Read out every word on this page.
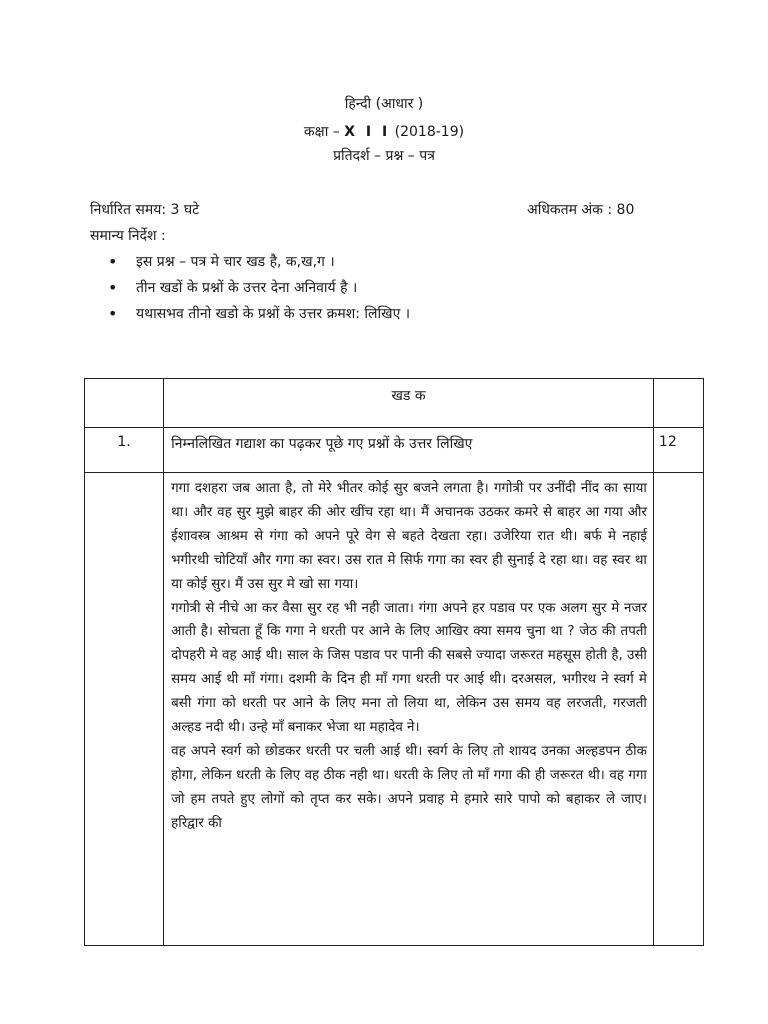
हिन्दी (आधार )
कक्षा – X I I (2018-19)
प्रतिदर्श – प्रश्न – पत्र
निर्धारित समय: 3 घटे	अधिकतम अंक : 80
समान्य निर्देश :
• इस प्रश्न – पत्र मे चार खड है, क,ख,ग ।
• तीन खडों के प्रश्नों के उत्तर देना अनिवार्य है ।
• यथासभव तीनो खडो के प्रश्नों के उत्तर क्रमश: लिखिए ।
	खड क	
1.	निम्नलिखित गद्याश का पढ़कर पूछे गए प्रश्नों के उत्तर लिखिए	12

	गगा दशहरा जब आता है, तो मेरे भीतर कोई सुर बजने लगता है। गगोत्री पर उनींदी नींद का साया था। और वह सुर मुझे बाहर की ओर खींच रहा था। मैं अचानक उठकर कमरे से बाहर आ गया और ईशावस्त्र आश्रम से गंगा को अपने पूरे वेग से बहते देखता रहा। उजेरिया रात थी। बर्फ मे नहाई भगीरथी चोटियाँ और गगा का स्वर। उस रात मे सिर्फ गगा का स्वर ही सुनाई दे रहा था। वह स्वर था या कोई सुर। मैं उस सुर मे खो सा गया।

गगोत्री से नीचे आ कर वैसा सुर रह भी नही जाता। गंगा अपने हर पडाव पर एक अलग सुर मे नजर आती है। सोचता हूँ कि गगा ने धरती पर आने के लिए आखिर क्या समय चुना था ? जेठ की तपती दोपहरी मे वह आई थी। साल के जिस पडाव पर पानी की सबसे ज्यादा जरूरत महसूस होती है, उसी समय आई थी माँ गंगा। दशमी के दिन ही माँ गगा धरती पर आई थी। दरअसल, भगीरथ ने स्वर्ग मे बसी गंगा को धरती पर आने के लिए मना तो लिया था, लेकिन उस समय वह लरजती, गरजती अल्हड नदी थी। उन्हे माँ बनाकर भेजा था महादेव ने।

वह अपने स्वर्ग को छोडकर धरती पर चली आई थी। स्वर्ग के लिए तो शायद उनका अल्हडपन ठीक होगा, लेकिन धरती के लिए वह ठीक नही था। धरती के लिए तो माँ गगा की ही जरूरत थी। वह गगा जो हम तपते हुए लोगों को तृप्त कर सके। अपने प्रवाह मे हमारे सारे पापो को बहाकर ले जाए। हरिद्वार की	
